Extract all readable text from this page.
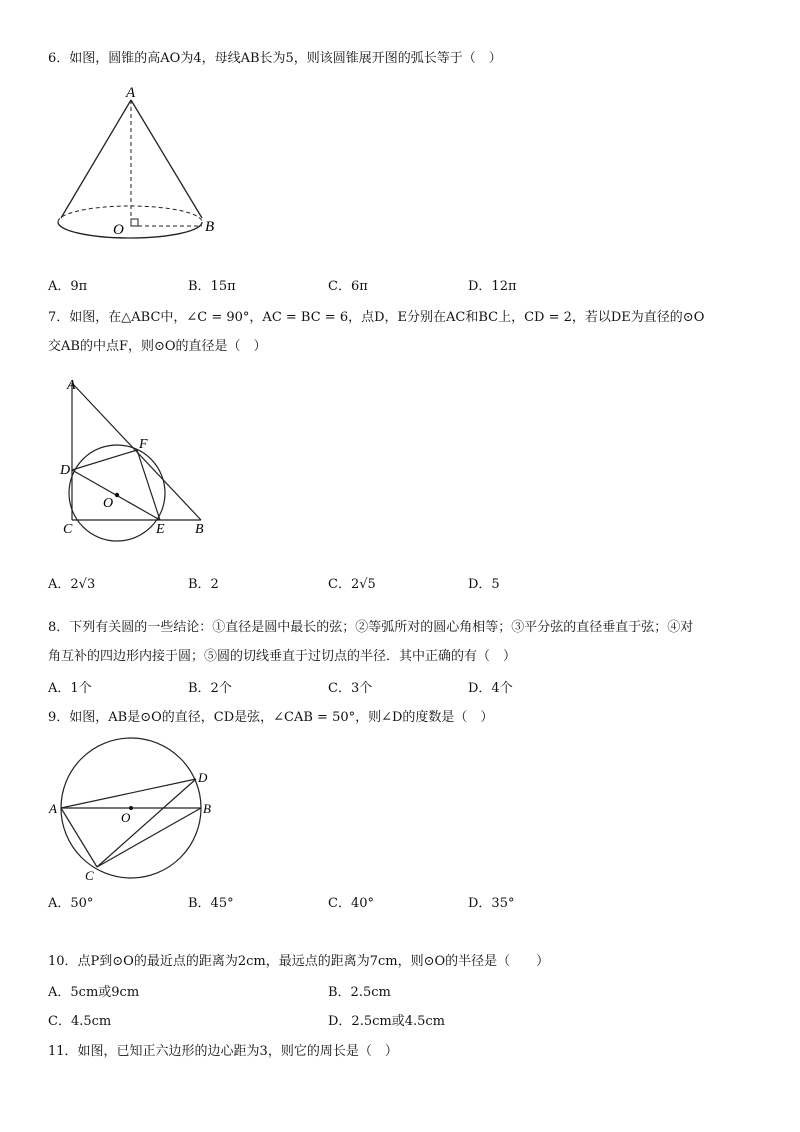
6．如图，圆锥的高AO为4，母线AB长为5，则该圆锥展开图的弧长等于（　）
A
O	B
A．9π	B．15π	C．6π	D．12π
7．如图，在△ABC中，∠C = 90°，AC = BC = 6，点D，E分别在AC和BC上，CD = 2，若以DE为直径的⊙O
交AB的中点F，则⊙O的直径是（　）
A
F
D
O
C	E B
A．2√3	B．2	C．2√5	D．5
8．下列有关圆的一些结论：①直径是圆中最长的弦；②等弧所对的圆心角相等；③平分弦的直径垂直于弦；④对
角互补的四边形内接于圆；⑤圆的切线垂直于过切点的半径．其中正确的有（　）
A．1个	B．2个	C．3个	D．4个
9．如图，AB是⊙O的直径，CD是弦，∠CAB = 50°，则∠D的度数是（　）
A	B
D
C
O
A．50°	B．45°	C．40°	D．35°
10．点P到⊙O的最近点的距离为2cm，最远点的距离为7cm，则⊙O的半径是（　　）
A．5cm或9cm	B．2.5cm
C．4.5cm	D．2.5cm或4.5cm
11．如图，已知正六边形的边心距为3，则它的周长是（　）
